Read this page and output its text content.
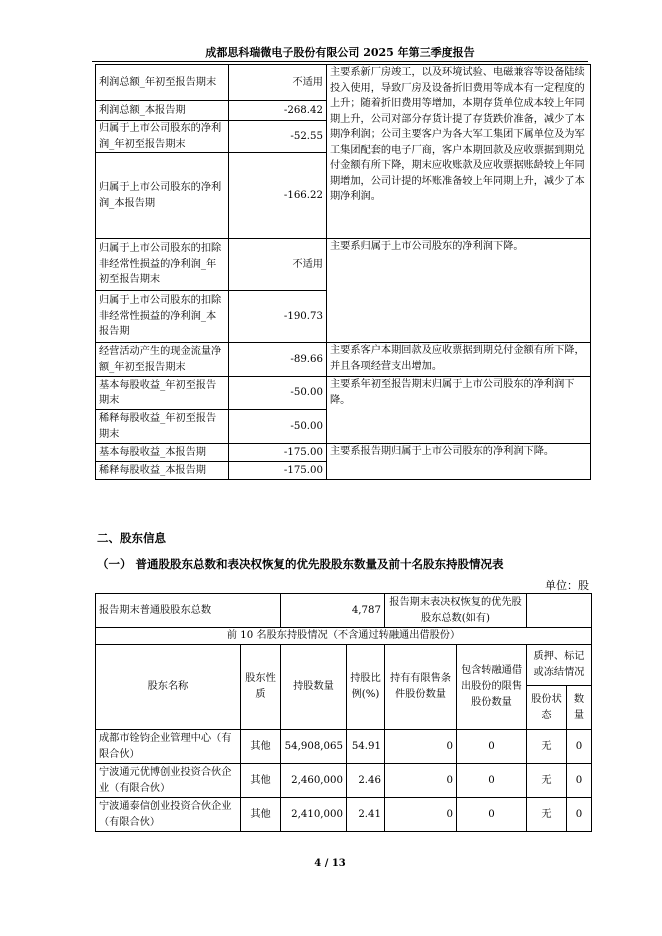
成都思科瑞微电子股份有限公司 2025 年第三季度报告
利润总额_年初至报告期末	不适用	主要系新厂房竣工，以及环境试验、电磁兼容等设备陆续投入使用，导致厂房及设备折旧费用等成本有一定程度的上升；随着折旧费用等增加，本期存货单位成本较上年同期上升，公司对部分存货计提了存货跌价准备，减少了本期净利润；公司主要客户为各大军工集团下属单位及为军工集团配套的电子厂商，客户本期回款及应收票据到期兑付金额有所下降，期末应收账款及应收票据账龄较上年同期增加，公司计提的坏账准备较上年同期上升，减少了本期净利润。
利润总额_本报告期	-268.42	
归属于上市公司股东的净利润_年初至报告期末	-52.55	
归属于上市公司股东的净利润_本报告期	-166.22	
归属于上市公司股东的扣除非经常性损益的净利润_年初至报告期末	不适用	主要系归属于上市公司股东的净利润下降。
归属于上市公司股东的扣除非经常性损益的净利润_本报告期	-190.73	
经营活动产生的现金流量净额_年初至报告期末	-89.66	主要系客户本期回款及应收票据到期兑付金额有所下降，并且各项经营支出增加。
基本每股收益_年初至报告期末	-50.00	主要系年初至报告期末归属于上市公司股东的净利润下降。
稀释每股收益_年初至报告期末	-50.00	
基本每股收益_本报告期	-175.00	主要系报告期归属于上市公司股东的净利润下降。
稀释每股收益_本报告期	-175.00	
二、股东信息
（一） 普通股股东总数和表决权恢复的优先股股东数量及前十名股东持股情况表
单位：股
报告期末普通股股东总数		4,787		报告期末表决权恢复的优先股股东总数(如有)			
前 10 名股东持股情况（不含通过转融通出借股份）							
股东名称	股东性质	持股数量	持股比例(%)	持有有限售条件股份数量	包含转融通借出股份的限售股份数量	质押、标记或冻结情况	
						股份状态	数量
成都市铨钧企业管理中心（有限合伙）	其他	54,908,065	54.91	0	0	无	0
宁波通元优博创业投资合伙企业（有限合伙）	其他	2,460,000	2.46	0	0	无	0
宁波通泰信创业投资合伙企业（有限合伙）	其他	2,410,000	2.41	0	0	无	0
4 / 13
